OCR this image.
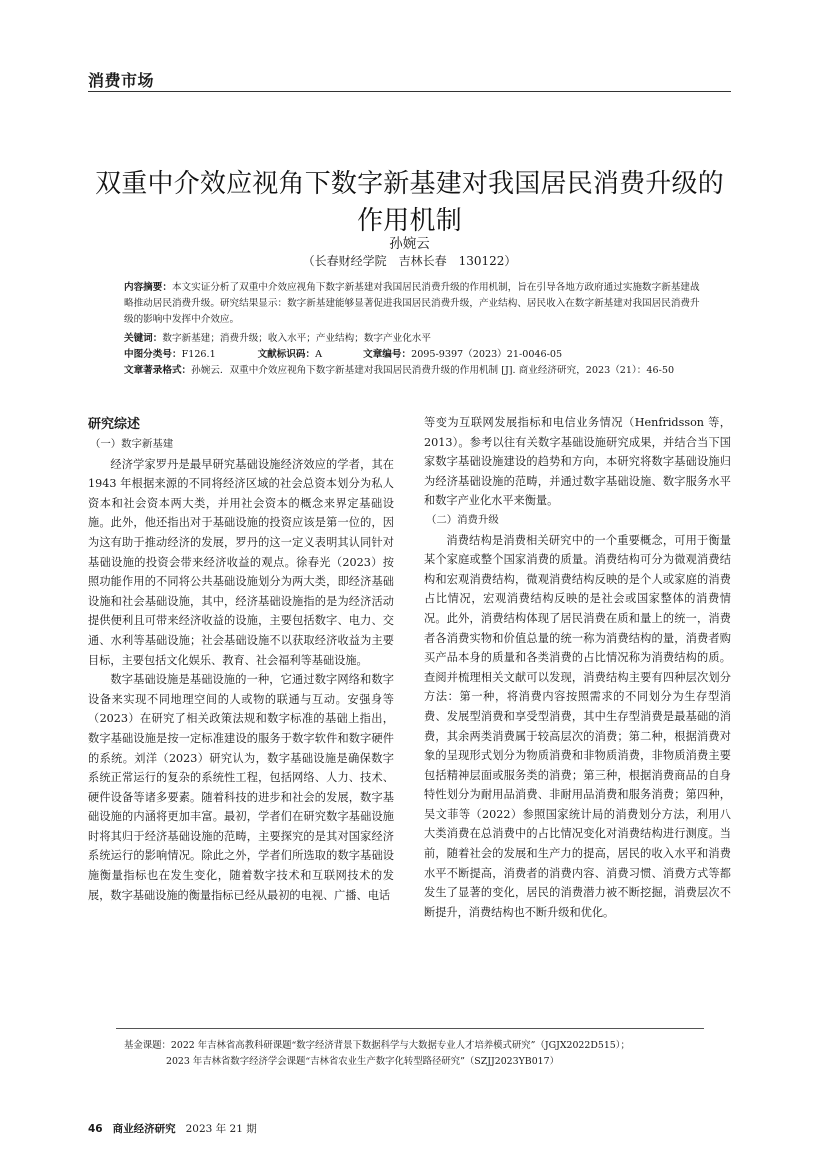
消费市场
双重中介效应视角下数字新基建对我国居民消费升级的作用机制
孙婉云
（长春财经学院　吉林长春　130122）
内容摘要：本文实证分析了双重中介效应视角下数字新基建对我国居民消费升级的作用机制，旨在引导各地方政府通过实施数字新基建战略推动居民消费升级。研究结果显示：数字新基建能够显著促进我国居民消费升级，产业结构、居民收入在数字新基建对我国居民消费升级的影响中发挥中介效应。
关键词：数字新基建；消费升级；收入水平；产业结构；数字产业化水平
中图分类号：F126.1	文献标识码：A	文章编号：2095-9397（2023）21-0046-05
文章著录格式：孙婉云．双重中介效应视角下数字新基建对我国居民消费升级的作用机制 [J]. 商业经济研究，2023（21）：46-50
研究综述
（一）数字新基建

经济学家罗丹是最早研究基础设施经济效应的学者，其在 1943 年根据来源的不同将经济区域的社会总资本划分为私人资本和社会资本两大类，并用社会资本的概念来界定基础设施。此外，他还指出对于基础设施的投资应该是第一位的，因为这有助于推动经济的发展，罗丹的这一定义表明其认同针对基础设施的投资会带来经济收益的观点。徐春光（2023）按照功能作用的不同将公共基础设施划分为两大类，即经济基础设施和社会基础设施，其中，经济基础设施指的是为经济活动提供便利且可带来经济收益的设施，主要包括数字、电力、交通、水利等基础设施；社会基础设施不以获取经济收益为主要目标，主要包括文化娱乐、教育、社会福利等基础设施。

数字基础设施是基础设施的一种，它通过数字网络和数字设备来实现不同地理空间的人或物的联通与互动。安强身等（2023）在研究了相关政策法规和数字标准的基础上指出，数字基础设施是按一定标准建设的服务于数字软件和数字硬件的系统。刘洋（2023）研究认为，数字基础设施是确保数字系统正常运行的复杂的系统性工程，包括网络、人力、技术、硬件设备等诸多要素。随着科技的进步和社会的发展，数字基础设施的内涵将更加丰富。最初，学者们在研究数字基础设施时将其归于经济基础设施的范畴，主要探究的是其对国家经济系统运行的影响情况。除此之外，学者们所选取的数字基础设施衡量指标也在发生变化，随着数字技术和互联网技术的发展，数字基础设施的衡量指标已经从最初的电视、广播、电话

等变为互联网发展指标和电信业务情况（Henfridsson 等，2013）。参考以往有关数字基础设施研究成果，并结合当下国家数字基础设施建设的趋势和方向，本研究将数字基础设施归为经济基础设施的范畴，并通过数字基础设施、数字服务水平和数字产业化水平来衡量。

（二）消费升级

消费结构是消费相关研究中的一个重要概念，可用于衡量某个家庭或整个国家消费的质量。消费结构可分为微观消费结构和宏观消费结构，微观消费结构反映的是个人或家庭的消费占比情况，宏观消费结构反映的是社会或国家整体的消费情况。此外，消费结构体现了居民消费在质和量上的统一，消费者各消费实物和价值总量的统一称为消费结构的量，消费者购买产品本身的质量和各类消费的占比情况称为消费结构的质。查阅并梳理相关文献可以发现，消费结构主要有四种层次划分方法：第一种，将消费内容按照需求的不同划分为生存型消费、发展型消费和享受型消费，其中生存型消费是最基础的消费，其余两类消费属于较高层次的消费；第二种，根据消费对象的呈现形式划分为物质消费和非物质消费，非物质消费主要包括精神层面或服务类的消费；第三种，根据消费商品的自身特性划分为耐用品消费、非耐用品消费和服务消费；第四种，吴文菲等（2022）参照国家统计局的消费划分方法，利用八大类消费在总消费中的占比情况变化对消费结构进行测度。当前，随着社会的发展和生产力的提高，居民的收入水平和消费水平不断提高，消费者的消费内容、消费习惯、消费方式等都发生了显著的变化，居民的消费潜力被不断挖掘，消费层次不断提升，消费结构也不断升级和优化。

基金课题：2022 年吉林省高教科研课题“数字经济背景下数据科学与大数据专业人才培养模式研究”（JGJX2022D515）；
2023 年吉林省数字经济学会课题“吉林省农业生产数字化转型路径研究”（SZJJ2023YB017）
46 商业经济研究 2023 年 21 期
